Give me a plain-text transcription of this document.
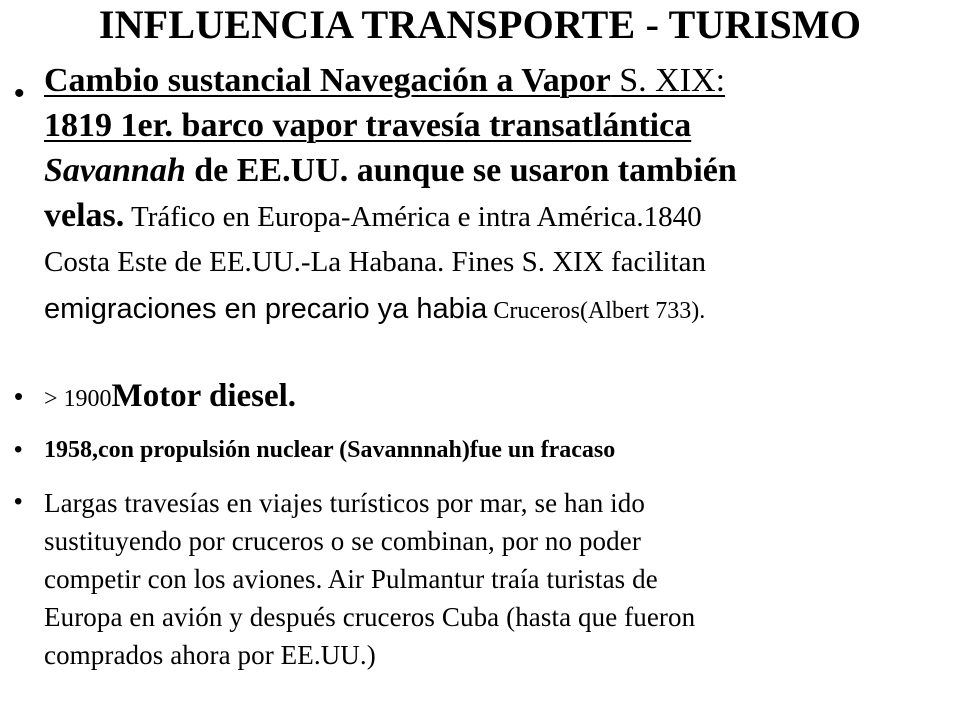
INFLUENCIA TRANSPORTE - TURISMO
• Cambio sustancial Navegación a Vapor S. XIX:
1819 1er. barco vapor travesía transatlántica
Savannah de EE.UU. aunque se usaron también
velas. Tráfico en Europa-América e intra América.1840
Costa Este de EE.UU.-La Habana. Fines S. XIX facilitan
emigraciones en precario ya habia Cruceros(Albert 733).
• > 1900Motor diesel.
• 1958,con propulsión nuclear (Savannnah)fue un fracaso
• Largas travesías en viajes turísticos por mar, se han ido
sustituyendo por cruceros o se combinan, por no poder
competir con los aviones. Air Pulmantur traía turistas de
Europa en avión y después cruceros Cuba (hasta que fueron
comprados ahora por EE.UU.)
